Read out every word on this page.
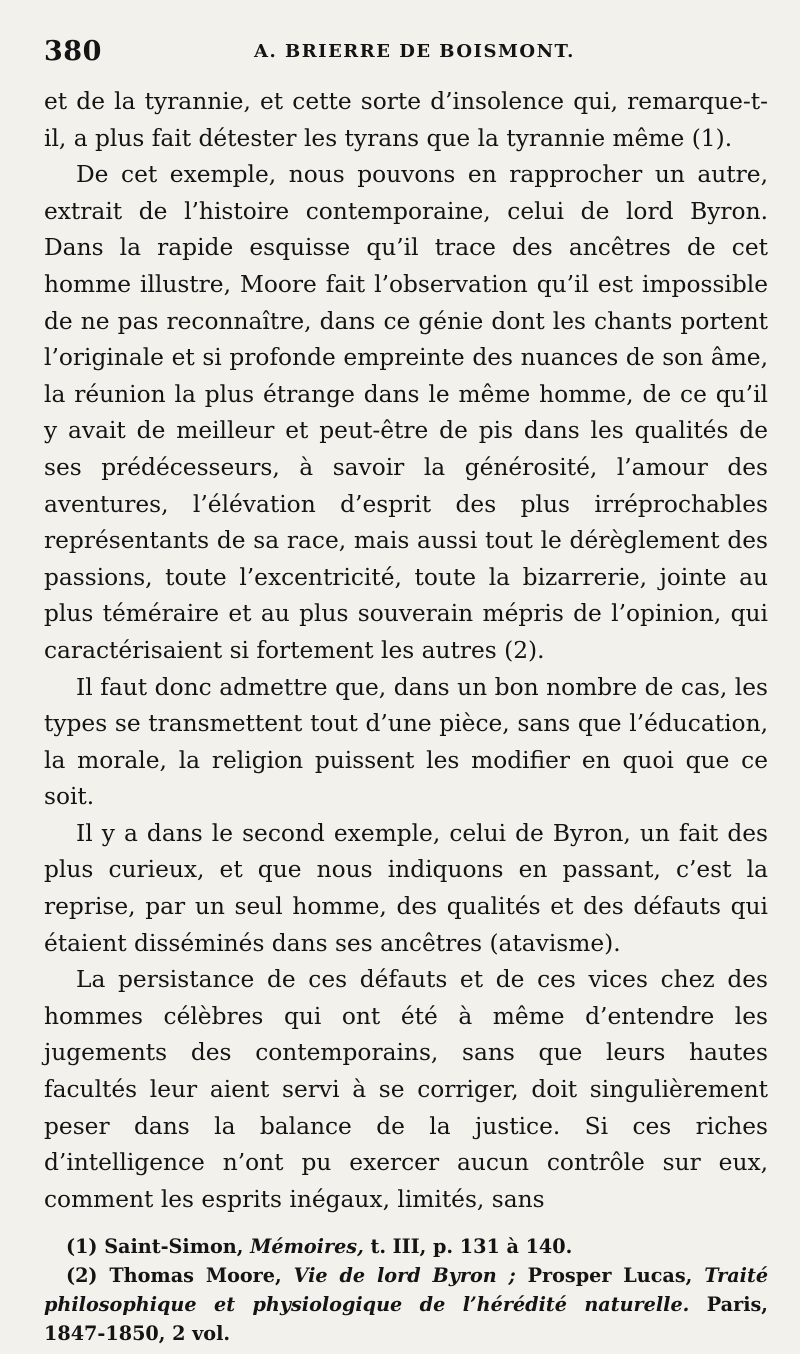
380	A. BRIERRE DE BOISMONT.

et de la tyrannie, et cette sorte d’insolence qui, remarque-t-il, a plus fait détester les tyrans que la tyrannie même (1).

De cet exemple, nous pouvons en rapprocher un autre, extrait de l’histoire contemporaine, celui de lord Byron. Dans la rapide esquisse qu’il trace des ancêtres de cet homme illustre, Moore fait l’observation qu’il est impossible de ne pas reconnaître, dans ce génie dont les chants portent l’originale et si profonde empreinte des nuances de son âme, la réunion la plus étrange dans le même homme, de ce qu’il y avait de meilleur et peut-être de pis dans les qualités de ses prédécesseurs, à savoir la générosité, l’amour des aventures, l’élévation d’esprit des plus irréprochables représentants de sa race, mais aussi tout le dérèglement des passions, toute l’excentricité, toute la bizarrerie, jointe au plus téméraire et au plus souverain mépris de l’opinion, qui caractérisaient si fortement les autres (2).

Il faut donc admettre que, dans un bon nombre de cas, les types se transmettent tout d’une pièce, sans que l’éducation, la morale, la religion puissent les modifier en quoi que ce soit.

Il y a dans le second exemple, celui de Byron, un fait des plus curieux, et que nous indiquons en passant, c’est la reprise, par un seul homme, des qualités et des défauts qui étaient disséminés dans ses ancêtres (atavisme).

La persistance de ces défauts et de ces vices chez des hommes célèbres qui ont été à même d’entendre les jugements des contemporains, sans que leurs hautes facultés leur aient servi à se corriger, doit singulièrement peser dans la balance de la justice. Si ces riches d’intelligence n’ont pu exercer aucun contrôle sur eux, comment les esprits inégaux, limités, sans

(1) Saint-Simon, Mémoires, t. III, p. 131 à 140.

(2) Thomas Moore, Vie de lord Byron ; Prosper Lucas, Traité philosophique et physiologique de l’hérédité naturelle. Paris, 1847-1850, 2 vol.
